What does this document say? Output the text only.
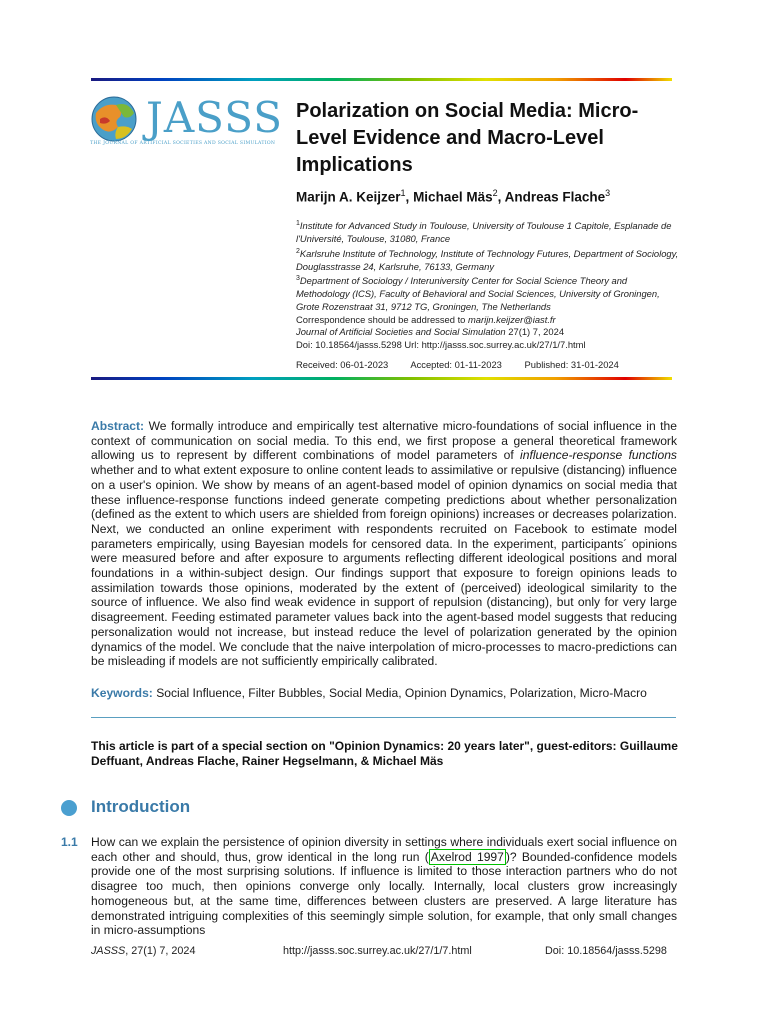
JASSS
THE JOURNAL OF ARTIFICIAL SOCIETIES AND SOCIAL SIMULATION
Polarization on Social Media: Micro-Level Evidence and Macro-Level Implications
Marijn A. Keijzer$^1$, Michael Mäs$^2$, Andreas Flache$^3$

$^1$Institute for Advanced Study in Toulouse, University of Toulouse 1 Capitole, Esplanade de l'Université, Toulouse, 31080, France

$^2$Karlsruhe Institute of Technology, Institute of Technology Futures, Department of Sociology, Douglasstrasse 24, Karlsruhe, 76133, Germany

$^3$Department of Sociology / Interuniversity Center for Social Science Theory and Methodology (ICS), Faculty of Behavioral and Social Sciences, University of Groningen, Grote Rozenstraat 31, 9712 TG, Groningen, The Netherlands

Correspondence should be addressed to marijn.keijzer@iast.fr

Journal of Artificial Societies and Social Simulation 27(1) 7, 2024

Doi: 10.18564/jasss.5298 Url: http://jasss.soc.surrey.ac.uk/27/1/7.html

Received: 06-01-2023 Accepted: 01-11-2023 Published: 31-01-2024
Abstract: We formally introduce and empirically test alternative micro-foundations of social influence in the context of communication on social media. To this end, we first propose a general theoretical framework allowing us to represent by different combinations of model parameters of influence-response functions whether and to what extent exposure to online content leads to assimilative or repulsive (distancing) influence on a user's opinion. We show by means of an agent-based model of opinion dynamics on social media that these influence-response functions indeed generate competing predictions about whether personalization (defined as the extent to which users are shielded from foreign opinions) increases or decreases polarization. Next, we conducted an online experiment with respondents recruited on Facebook to estimate model parameters empirically, using Bayesian models for censored data. In the experiment, participants´ opinions were measured before and after exposure to arguments reflecting different ideological positions and moral foundations in a within-subject design. Our findings support that exposure to foreign opinions leads to assimilation towards those opinions, moderated by the extent of (perceived) ideological similarity to the source of influence. We also find weak evidence in support of repulsion (distancing), but only for very large disagreement. Feeding estimated parameter values back into the agent-based model suggests that reducing personalization would not increase, but instead reduce the level of polarization generated by the opinion dynamics of the model. We conclude that the naive interpolation of micro-processes to macro-predictions can be misleading if models are not sufficiently empirically calibrated.
Keywords: Social Influence, Filter Bubbles, Social Media, Opinion Dynamics, Polarization, Micro-Macro
This article is part of a special section on "Opinion Dynamics: 20 years later", guest-editors: Guillaume Deffuant, Andreas Flache, Rainer Hegselmann, & Michael Mäs
Introduction
1.1 How can we explain the persistence of opinion diversity in settings where individuals exert social influence on each other and should, thus, grow identical in the long run ( Axelrod 1997 )? Bounded-confidence models provide one of the most surprising solutions. If influence is limited to those interaction partners who do not disagree too much, then opinions converge only locally. Internally, local clusters grow increasingly homogeneous but, at the same time, differences between clusters are preserved. A large literature has demonstrated intriguing complexities of this seemingly simple solution, for example, that only small changes in micro-assumptions
JASSS, 27(1) 7, 2024	http://jasss.soc.surrey.ac.uk/27/1/7.html	Doi: 10.18564/jasss.5298
